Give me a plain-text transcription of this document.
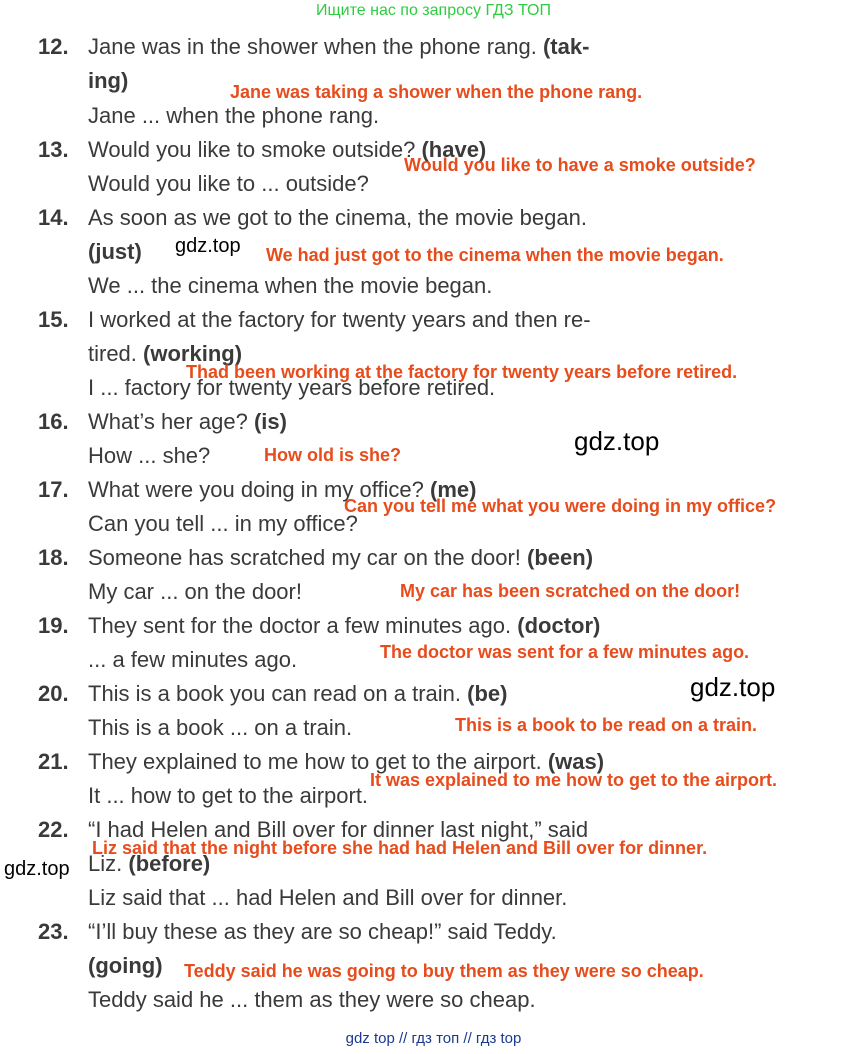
Ищите нас по запросу ГДЗ ТОП
12. Jane was in the shower when the phone rang. (tak-
ing)	Jane was taking a shower when the phone rang.
Jane ... when the phone rang.
13. Would you like to smoke outside? (have)
Would you like to have a smoke outside?
Would you like to ... outside?
14. As soon as we got to the cinema, the movie began.
(just) gdz.top We had just got to the cinema when the movie began.
We ... the cinema when the movie began.
15. I worked at the factory for twenty years and then re-
tired. (working)
Thad been working at the factory for twenty years before retired.
I ... factory for twenty years before retired.
16. What’s her age? (is)
gdz.top
How ... she?	How old is she?
17. What were you doing in my office? (me)
Can you tell me what you were doing in my office?
Can you tell ... in my office?
18. Someone has scratched my car on the door! (been)
My car ... on the door!	My car has been scratched on the door!
19. They sent for the doctor a few minutes ago. (doctor)
The doctor was sent for a few minutes ago.
... a few minutes ago.
20. This is a book you can read on a train. (be)	gdz.top
This is a book ... on a train.	This is a book to be read on a train.
21. They explained to me how to get to the airport. (was)
It was explained to me how to get to the airport.
It ... how to get to the airport.
22. “I had Helen and Bill over for dinner last night,” said
Liz said that the night before she had had Helen and Bill over for dinner.
gdz.top Liz. (before)
Liz said that ... had Helen and Bill over for dinner.
23. “I’ll buy these as they are so cheap!” said Teddy.
(going) Teddy said he was going to buy them as they were so cheap.
Teddy said he ... them as they were so cheap.
gdz top // гдз топ // гдз top
